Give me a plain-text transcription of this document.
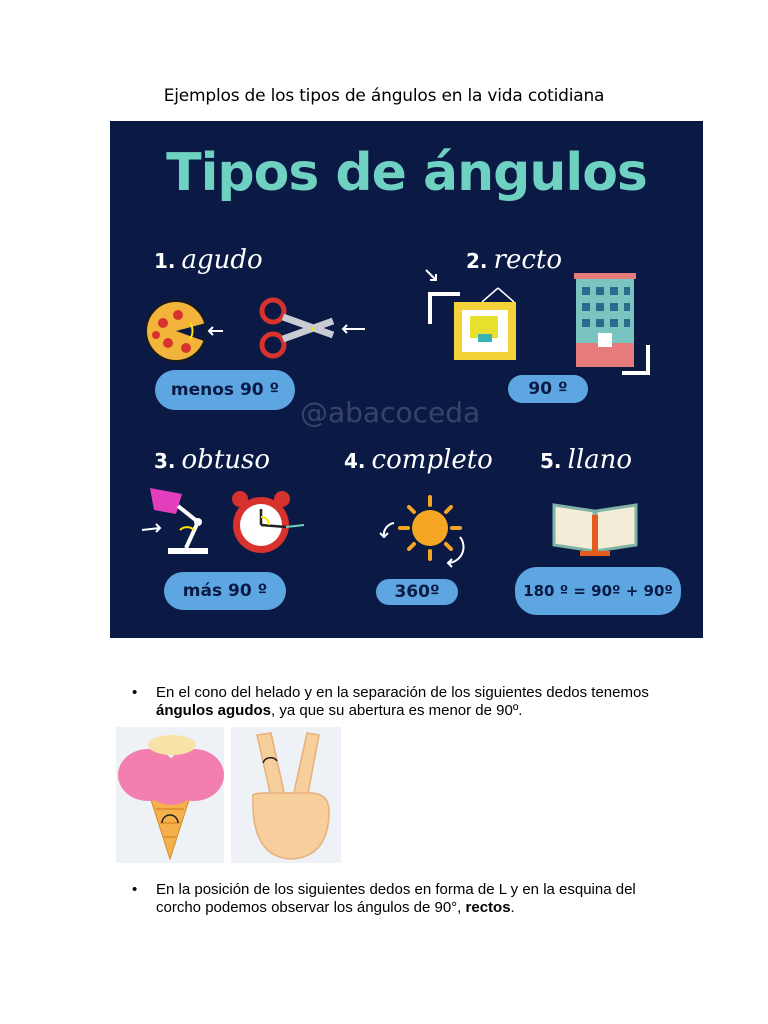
Ejemplos de los tipos de ángulos en la vida cotidiana
Tipos de ángulos
1. agudo
menos 90 º
2. recto
90 º
@abacoceda
3. obtuso
más 90 º
4. completo
360º
5. llano
180 º = 90º + 90º
• En el cono del helado y en la separación de los siguientes dedos tenemos ángulos agudos, ya que su abertura es menor de 90º.
• En la posición de los siguientes dedos en forma de L y en la esquina del corcho podemos observar los ángulos de 90°, rectos.
